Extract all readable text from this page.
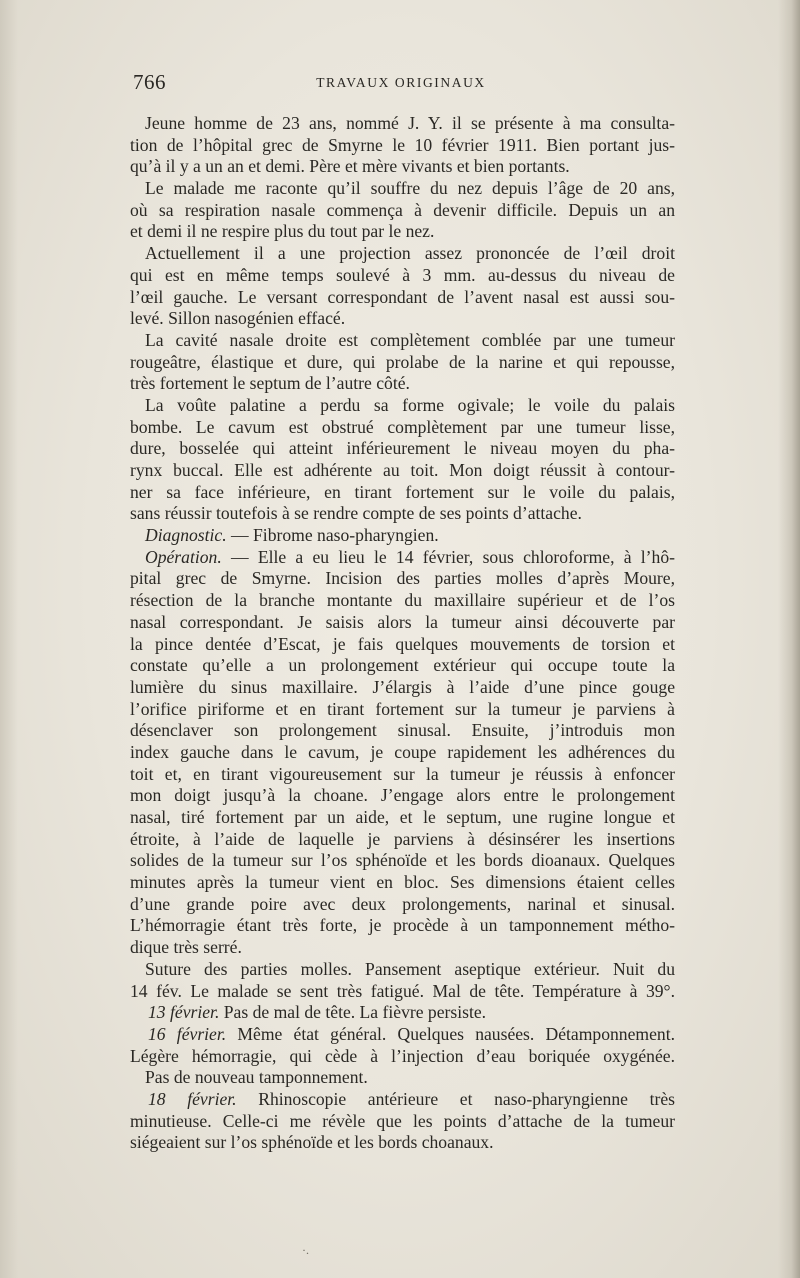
766	TRAVAUX ORIGINAUX
Jeune homme de 23 ans, nommé J. Y. il se présente à ma consulta-
tion de l’hôpital grec de Smyrne le 10 février 1911. Bien portant jus-
qu’à il y a un an et demi. Père et mère vivants et bien portants.
Le malade me raconte qu’il souffre du nez depuis l’âge de 20 ans,
où sa respiration nasale commença à devenir difficile. Depuis un an
et demi il ne respire plus du tout par le nez.
Actuellement il a une projection assez prononcée de l’œil droit
qui est en même temps soulevé à 3 mm. au-dessus du niveau de
l’œil gauche. Le versant correspondant de l’avent nasal est aussi sou-
levé. Sillon nasogénien effacé.
La cavité nasale droite est complètement comblée par une tumeur
rougeâtre, élastique et dure, qui prolabe de la narine et qui repousse,
très fortement le septum de l’autre côté.
La voûte palatine a perdu sa forme ogivale; le voile du palais
bombe. Le cavum est obstrué complètement par une tumeur lisse,
dure, bosselée qui atteint inférieurement le niveau moyen du pha-
rynx buccal. Elle est adhérente au toit. Mon doigt réussit à contour-
ner sa face inférieure, en tirant fortement sur le voile du palais,
sans réussir toutefois à se rendre compte de ses points d’attache.
Diagnostic. — Fibrome naso-pharyngien.
Opération. — Elle a eu lieu le 14 février, sous chloroforme, à l’hô-
pital grec de Smyrne. Incision des parties molles d’après Moure,
résection de la branche montante du maxillaire supérieur et de l’os
nasal correspondant. Je saisis alors la tumeur ainsi découverte par
la pince dentée d’Escat, je fais quelques mouvements de torsion et
constate qu’elle a un prolongement extérieur qui occupe toute la
lumière du sinus maxillaire. J’élargis à l’aide d’une pince gouge
l’orifice piriforme et en tirant fortement sur la tumeur je parviens à
désenclaver son prolongement sinusal. Ensuite, j’introduis mon
index gauche dans le cavum, je coupe rapidement les adhérences du
toit et, en tirant vigoureusement sur la tumeur je réussis à enfoncer
mon doigt jusqu’à la choane. J’engage alors entre le prolongement
nasal, tiré fortement par un aide, et le septum, une rugine longue et
étroite, à l’aide de laquelle je parviens à désinsérer les insertions
solides de la tumeur sur l’os sphénoïde et les bords dioanaux. Quelques
minutes après la tumeur vient en bloc. Ses dimensions étaient celles
d’une grande poire avec deux prolongements, narinal et sinusal.
L’hémorragie étant très forte, je procède à un tamponnement métho-
dique très serré.
Suture des parties molles. Pansement aseptique extérieur. Nuit du
14 fév. Le malade se sent très fatigué. Mal de tête. Température à 39°.
13 février. Pas de mal de tête. La fièvre persiste.
16 février. Même état général. Quelques nausées. Détamponnement.
Légère hémorragie, qui cède à l’injection d’eau boriquée oxygénée.
Pas de nouveau tamponnement.
18 février. Rhinoscopie antérieure et naso-pharyngienne très
minutieuse. Celle-ci me révèle que les points d’attache de la tumeur
siégeaient sur l’os sphénoïde et les bords choanaux.
·.
